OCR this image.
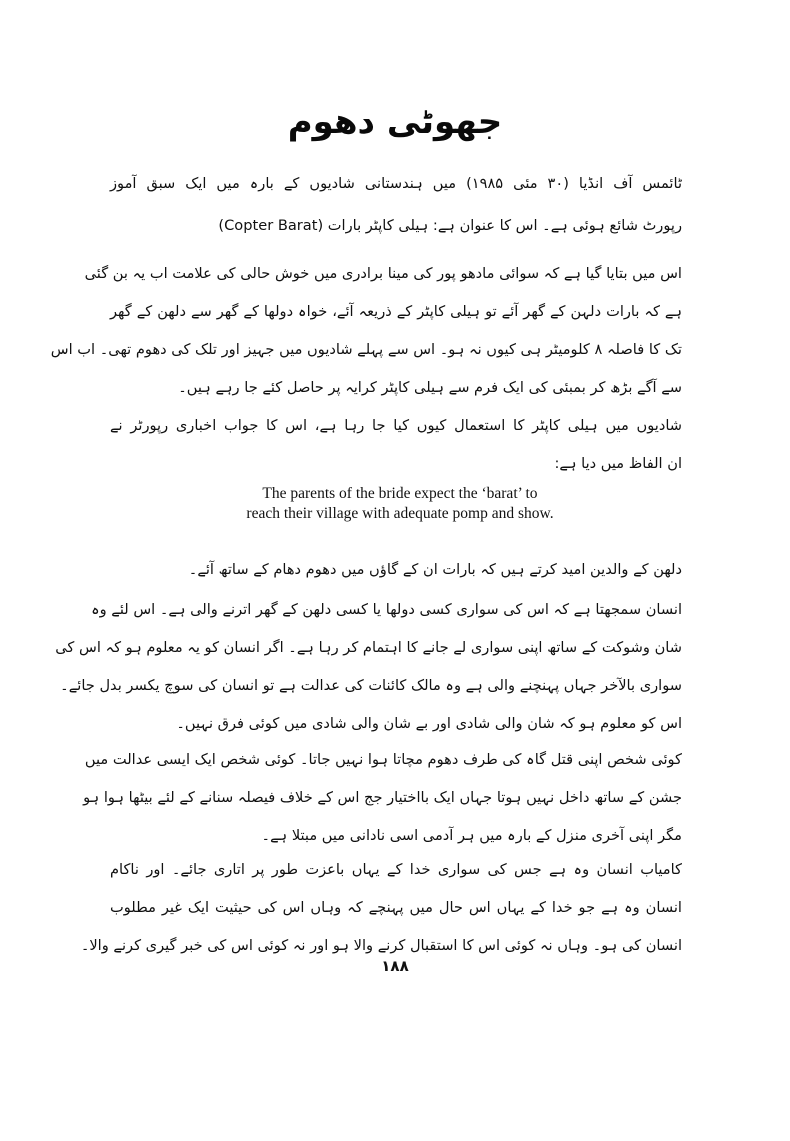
جھوٹی دھوم
ٹائمس آف انڈیا (۳۰ مئی ۱۹۸۵) میں ہندستانی شادیوں کے بارہ میں ایک سبق آموز
رپورٹ شائع ہوئی ہے۔ اس کا عنوان ہے: ہیلی کاپٹر بارات (Copter Barat)
اس میں بتایا گیا ہے کہ سوائی مادھو پور کی مینا برادری میں خوش حالی کی علامت اب یہ بن گئی
ہے کہ بارات دلہن کے گھر آئے تو ہیلی کاپٹر کے ذریعہ آئے، خواہ دولھا کے گھر سے دلھن کے گھر
تک کا فاصلہ ۸ کلومیٹر ہی کیوں نہ ہو۔ اس سے پہلے شادیوں میں جہیز اور تلک کی دھوم تھی۔ اب اس
سے آگے بڑھ کر بمبئی کی ایک فرم سے ہیلی کاپٹر کرایہ پر حاصل کئے جا رہے ہیں۔
شادیوں میں ہیلی کاپٹر کا استعمال کیوں کیا جا رہا ہے، اس کا جواب اخباری رپورٹر نے
ان الفاظ میں دیا ہے:
The parents of the bride expect the ‘barat’ to
reach their village with adequate pomp and show.
دلھن کے والدین امید کرتے ہیں کہ بارات ان کے گاؤں میں دھوم دھام کے ساتھ آئے۔
انسان سمجھتا ہے کہ اس کی سواری کسی دولھا یا کسی دلھن کے گھر اترنے والی ہے۔ اس لئے وہ
شان وشوکت کے ساتھ اپنی سواری لے جانے کا اہتمام کر رہا ہے۔ اگر انسان کو یہ معلوم ہو کہ اس کی
سواری بالآخر جہاں پہنچنے والی ہے وہ مالک کائنات کی عدالت ہے تو انسان کی سوچ یکسر بدل جائے۔
اس کو معلوم ہو کہ شان والی شادی اور بے شان والی شادی میں کوئی فرق نہیں۔
کوئی شخص اپنی قتل گاہ کی طرف دھوم مچاتا ہوا نہیں جاتا۔ کوئی شخص ایک ایسی عدالت میں
جشن کے ساتھ داخل نہیں ہوتا جہاں ایک بااختیار جج اس کے خلاف فیصلہ سنانے کے لئے بیٹھا ہوا ہو
مگر اپنی آخری منزل کے بارہ میں ہر آدمی اسی نادانی میں مبتلا ہے۔
کامیاب انسان وہ ہے جس کی سواری خدا کے یہاں باعزت طور پر اتاری جائے۔ اور ناکام
انسان وہ ہے جو خدا کے یہاں اس حال میں پہنچے کہ وہاں اس کی حیثیت ایک غیر مطلوب
انسان کی ہو۔ وہاں نہ کوئی اس کا استقبال کرنے والا ہو اور نہ کوئی اس کی خبر گیری کرنے والا۔
۱۸۸
